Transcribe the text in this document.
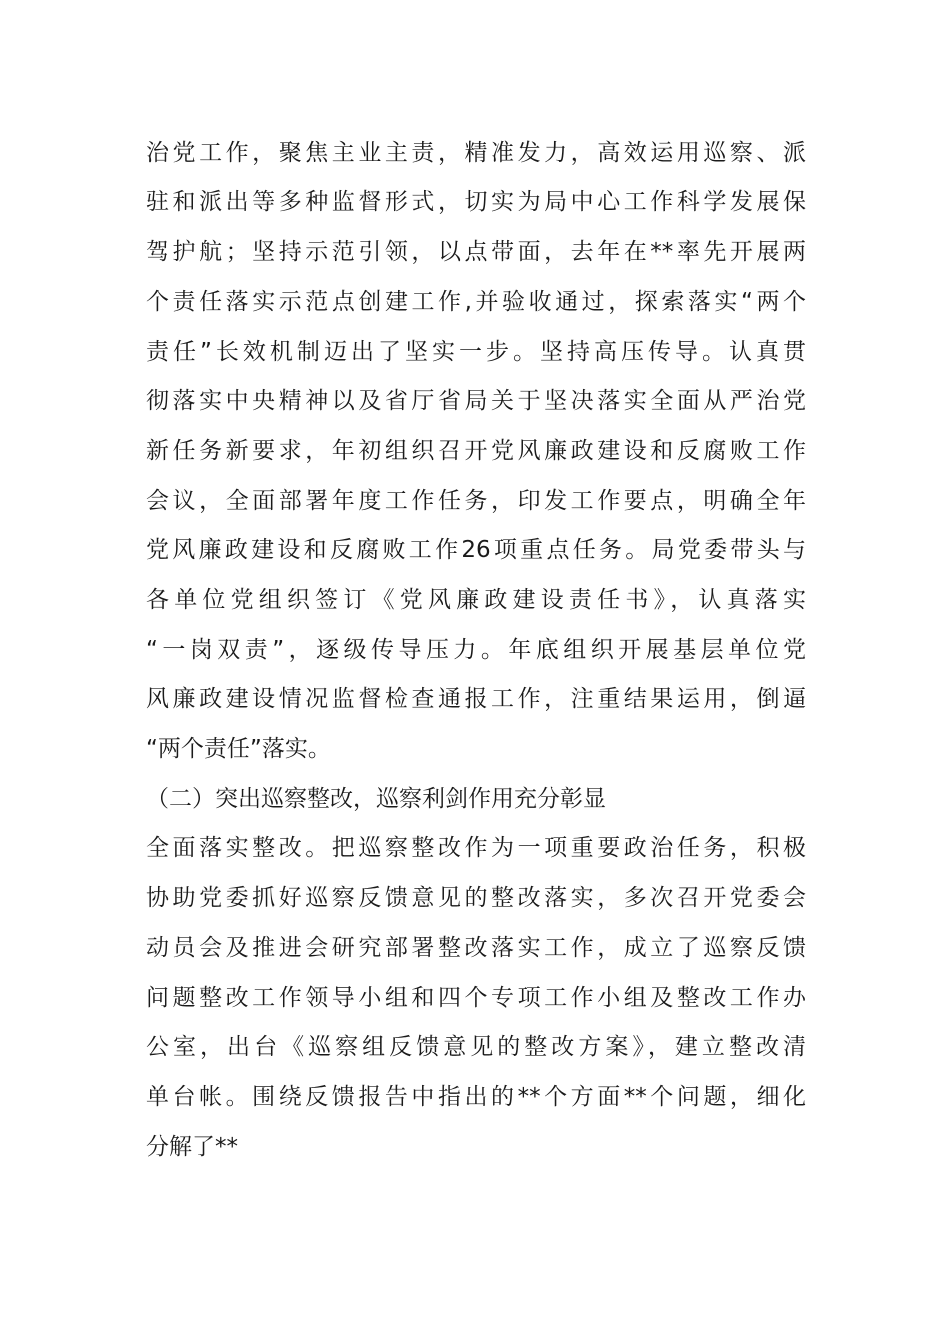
治党工作，聚焦主业主责，精准发力，高效运用巡察、派
驻和派出等多种监督形式，切实为局中心工作科学发展保
驾护航；坚持示范引领，以点带面，去年在**率先开展两
个责任落实示范点创建工作,并验收通过，探索落实“两个
责任”长效机制迈出了坚实一步。坚持高压传导。认真贯
彻落实中央精神以及省厅省局关于坚决落实全面从严治党
新任务新要求，年初组织召开党风廉政建设和反腐败工作
会议，全面部署年度工作任务，印发工作要点，明确全年
党风廉政建设和反腐败工作26项重点任务。局党委带头与
各单位党组织签订《党风廉政建设责任书》，认真落实
“一岗双责”，逐级传导压力。年底组织开展基层单位党
风廉政建设情况监督检查通报工作，注重结果运用，倒逼
“两个责任”落实。
（二）突出巡察整改，巡察利剑作用充分彰显
全面落实整改。把巡察整改作为一项重要政治任务，积极
协助党委抓好巡察反馈意见的整改落实，多次召开党委会
动员会及推进会研究部署整改落实工作，成立了巡察反馈
问题整改工作领导小组和四个专项工作小组及整改工作办
公室，出台《巡察组反馈意见的整改方案》，建立整改清
单台帐。围绕反馈报告中指出的**个方面**个问题，细化
分解了**
